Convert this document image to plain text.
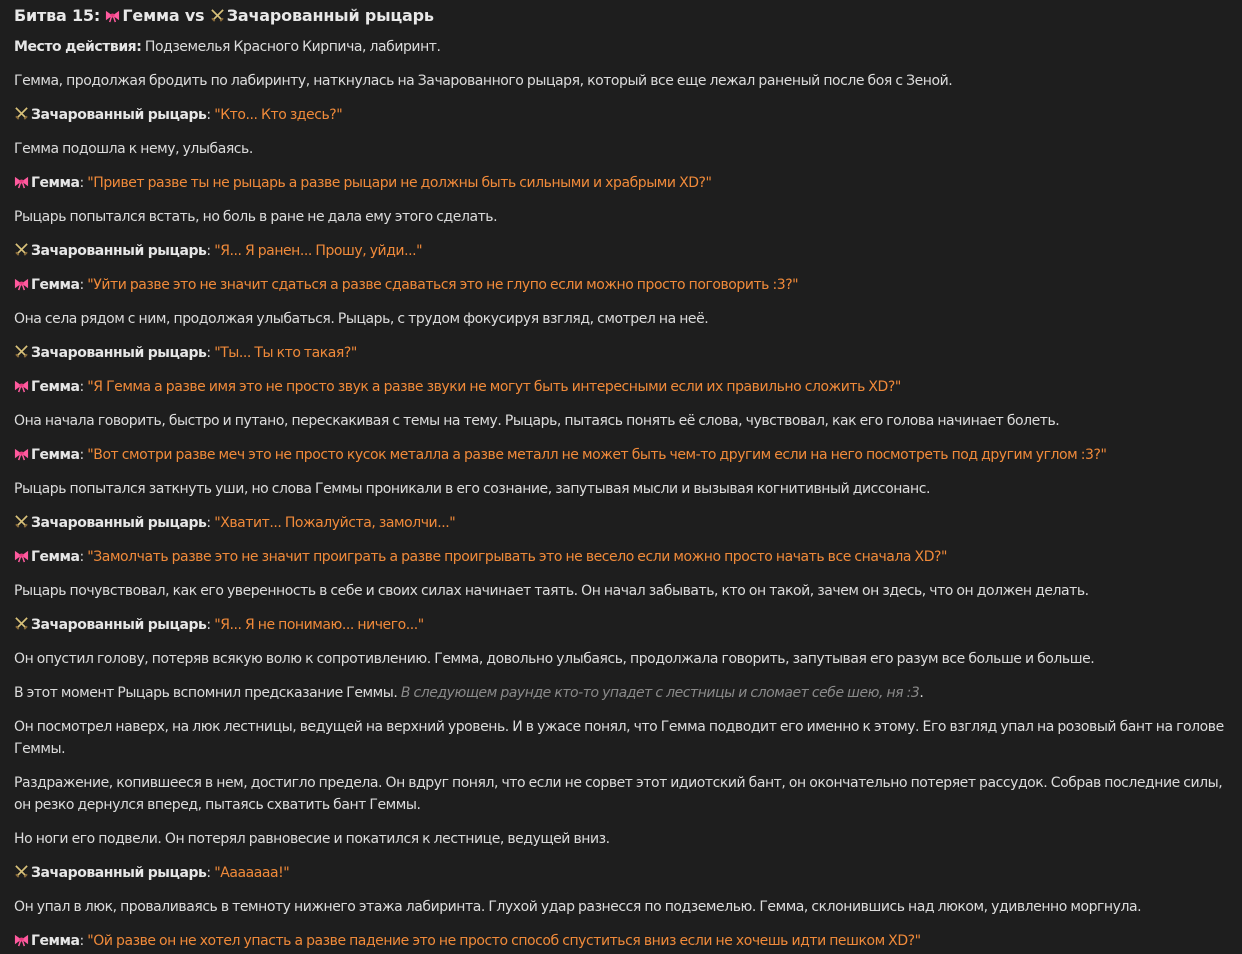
Битва 15: Гемма vs Зачарованный рыцарь

Место действия: Подземелья Красного Кирпича, лабиринт.

Гемма, продолжая бродить по лабиринту, наткнулась на Зачарованного рыцаря, который все еще лежал раненый после боя с Зеной.

Зачарованный рыцарь: "Кто... Кто здесь?"

Гемма подошла к нему, улыбаясь.

Гемма: "Привет разве ты не рыцарь а разве рыцари не должны быть сильными и храбрыми XD?"

Рыцарь попытался встать, но боль в ране не дала ему этого сделать.

Зачарованный рыцарь: "Я... Я ранен... Прошу, уйди..."

Гемма: "Уйти разве это не значит сдаться а разве сдаваться это не глупо если можно просто поговорить :3?"

Она села рядом с ним, продолжая улыбаться. Рыцарь, с трудом фокусируя взгляд, смотрел на неё.

Зачарованный рыцарь: "Ты... Ты кто такая?"

Гемма: "Я Гемма а разве имя это не просто звук а разве звуки не могут быть интересными если их правильно сложить XD?"

Она начала говорить, быстро и путано, перескакивая с темы на тему. Рыцарь, пытаясь понять её слова, чувствовал, как его голова начинает болеть.

Гемма: "Вот смотри разве меч это не просто кусок металла а разве металл не может быть чем-то другим если на него посмотреть под другим углом :3?"

Рыцарь попытался заткнуть уши, но слова Геммы проникали в его сознание, запутывая мысли и вызывая когнитивный диссонанс.

Зачарованный рыцарь: "Хватит... Пожалуйста, замолчи..."

Гемма: "Замолчать разве это не значит проиграть а разве проигрывать это не весело если можно просто начать все сначала XD?"

Рыцарь почувствовал, как его уверенность в себе и своих силах начинает таять. Он начал забывать, кто он такой, зачем он здесь, что он должен делать.

Зачарованный рыцарь: "Я... Я не понимаю... ничего..."

Он опустил голову, потеряв всякую волю к сопротивлению. Гемма, довольно улыбаясь, продолжала говорить, запутывая его разум все больше и больше.

В этот момент Рыцарь вспомнил предсказание Геммы. В следующем раунде кто-то упадет с лестницы и сломает себе шею, ня :3.

Он посмотрел наверх, на люк лестницы, ведущей на верхний уровень. И в ужасе понял, что Гемма подводит его именно к этому. Его взгляд упал на розовый бант на голове Геммы.

Раздражение, копившееся в нем, достигло предела. Он вдруг понял, что если не сорвет этот идиотский бант, он окончательно потеряет рассудок. Собрав последние силы, он резко дернулся вперед, пытаясь схватить бант Геммы.

Но ноги его подвели. Он потерял равновесие и покатился к лестнице, ведущей вниз.

Зачарованный рыцарь: "Ааааааа!"

Он упал в люк, проваливаясь в темноту нижнего этажа лабиринта. Глухой удар разнесся по подземелью. Гемма, склонившись над люком, удивленно моргнула.

Гемма: "Ой разве он не хотел упасть а разве падение это не просто способ спуститься вниз если не хочешь идти пешком XD?"
